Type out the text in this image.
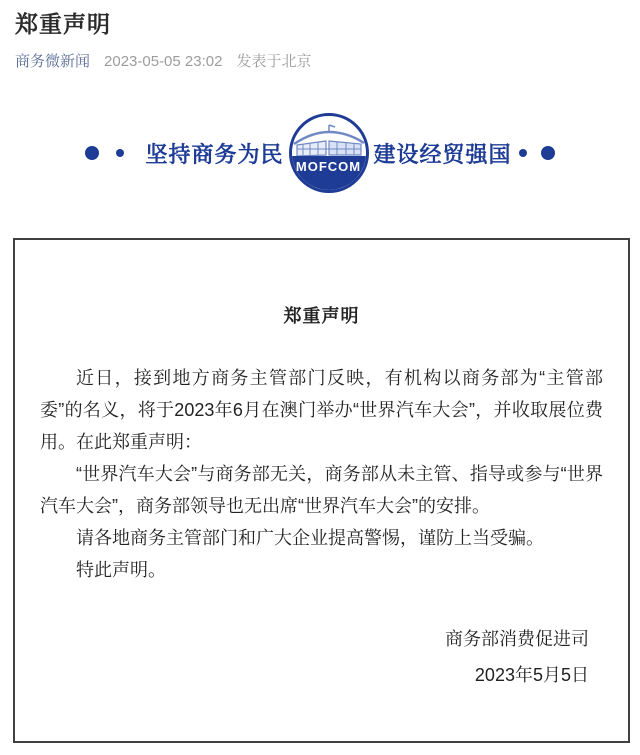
郑重声明
商务微新闻 2023-05-05 23:02 发表于北京
坚持商务为民 MOFCOM 建设经贸强国
郑重声明

近日，接到地方商务主管部门反映，有机构以商务部为“主管部委”的名义，将于2023年6月在澳门举办“世界汽车大会”，并收取展位费用。在此郑重声明：

“世界汽车大会”与商务部无关，商务部从未主管、指导或参与“世界汽车大会”，商务部领导也无出席“世界汽车大会”的安排。

请各地商务主管部门和广大企业提高警惕，谨防上当受骗。

特此声明。

商务部消费促进司
2023年5月5日
